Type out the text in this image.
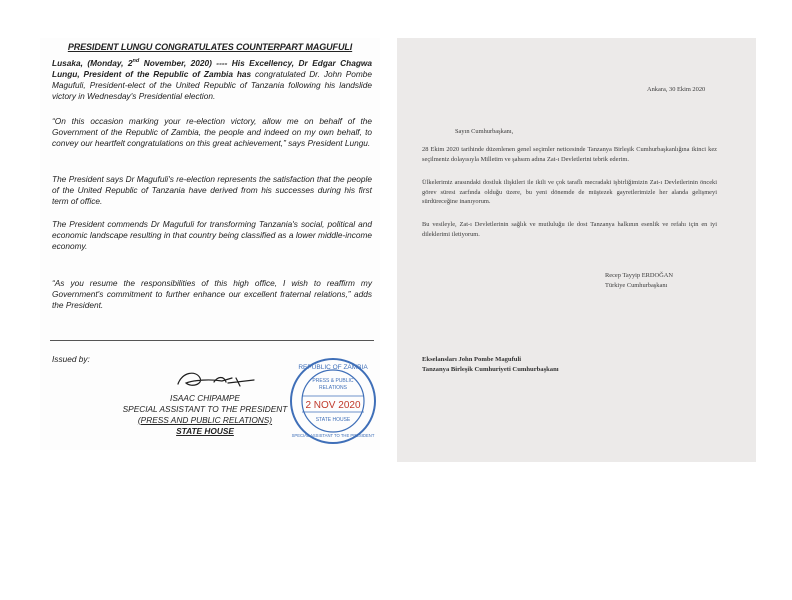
PRESIDENT LUNGU CONGRATULATES COUNTERPART MAGUFULI

Lusaka, (Monday, 2nd November, 2020) ---- His Excellency, Dr Edgar Chagwa Lungu, President of the Republic of Zambia has congratulated Dr. John Pombe Magufuli, President-elect of the United Republic of Tanzania following his landslide victory in Wednesday's Presidential election.

“On this occasion marking your re-election victory, allow me on behalf of the Government of the Republic of Zambia, the people and indeed on my own behalf, to convey our heartfelt congratulations on this great achievement,” says President Lungu.

The President says Dr Magufuli's re-election represents the satisfaction that the people of the United Republic of Tanzania have derived from his successes during his first term of office.

The President commends Dr Magufuli for transforming Tanzania's social, political and economic landscape resulting in that country being classified as a lower middle-income economy.

“As you resume the responsibilities of this high office, I wish to reaffirm my Government's commitment to further enhance our excellent fraternal relations,” adds the President.

Issued by:
ISAAC CHIPAMPE
SPECIAL ASSISTANT TO THE PRESIDENT
(PRESS AND PUBLIC RELATIONS)
STATE HOUSE
REPUBLIC OF ZAMBIA
PRESS & PUBLIC
RELATIONS
2 NOV 2020
STATE HOUSE
SPECIAL ASSISTANT TO THE PRESIDENT
Ankara, 30 Ekim 2020
Sayın Cumhurbaşkanı,

28 Ekim 2020 tarihinde düzenlenen genel seçimler neticesinde Tanzanya Birleşik Cumhurbaşkanlığına ikinci kez seçilmeniz dolayısıyla Milletim ve şahsım adına Zat-ı Devletlerini tebrik ederim.

Ülkelerimiz arasındaki dostluk ilişkileri ile ikili ve çok taraflı mecradaki işbirliğimizin Zat-ı Devletlerinin önceki görev süresi zarfında olduğu üzere, bu yeni dönemde de müştezek gayretlerimizle her alanda gelişmeyi sürdüreceğine inanıyorum.

Bu vesileyle, Zat-ı Devletlerinin sağlık ve mutluluğu ile dost Tanzanya halkının esenlik ve refahı için en iyi dileklerimi iletiyorum.

Recep Tayyip ERDOĞAN
Türkiye Cumhurbaşkanı
Ekselansları John Pombe Magufuli
Tanzanya Birleşik Cumhuriyeti Cumhurbaşkanı
